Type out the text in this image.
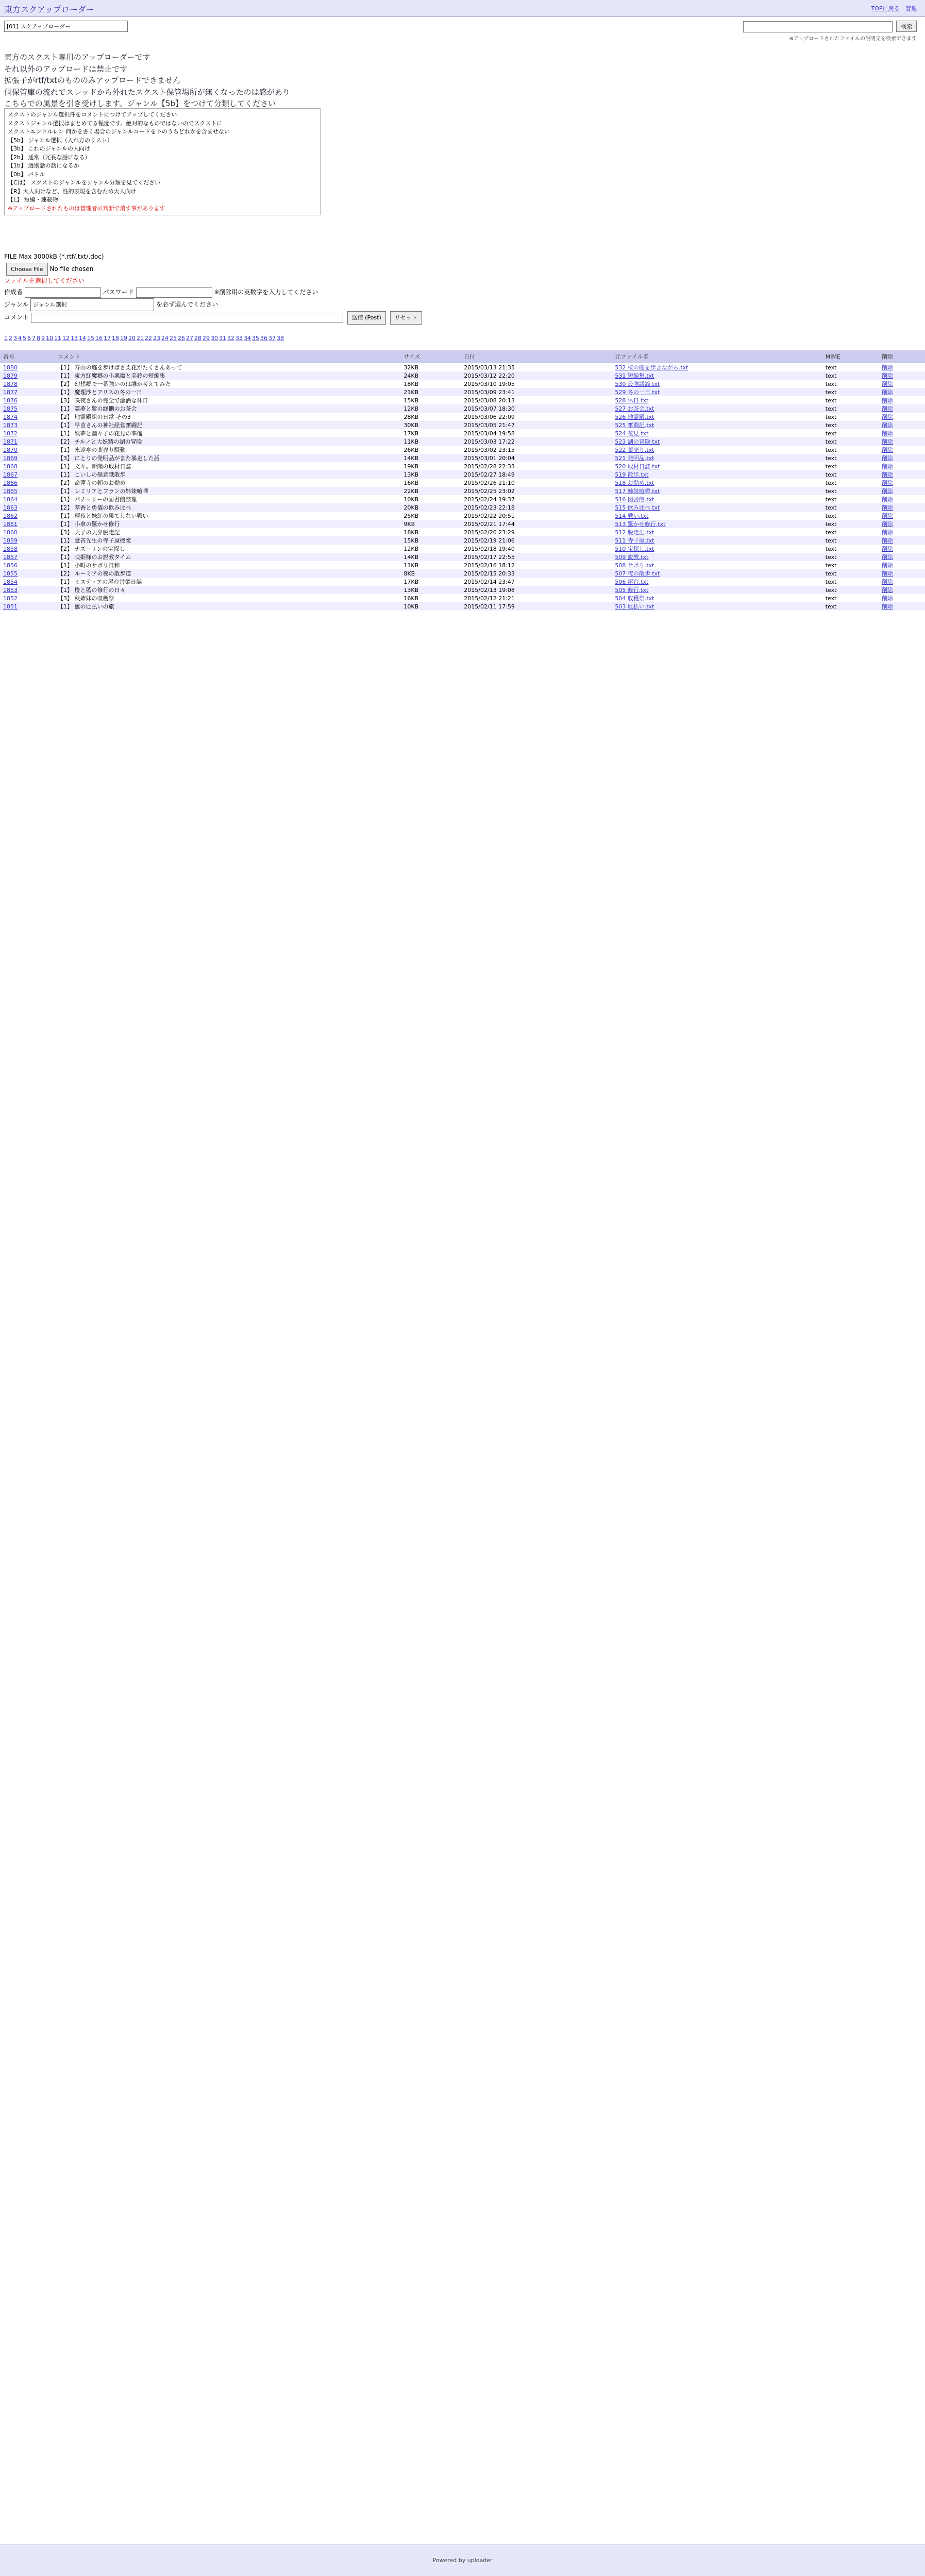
東方スクアップローダー	TOPに戻る 管理
[01] スクアップローダー	検索
※アップロードされたファイルの説明文を検索できます
東方のスクスト専用のアップローダーです
それ以外のアップロードは禁止です
拡張子がrtf/txtのもののみアップロードできません
個保管庫の流れでスレッドから外れたスクスト保管場所が無くなったのは感があり
こちらでの風景を引き受けします。ジャンル【5b】をつけて分類してください
スクストのジャンル選択件をコメントにつけてアップしてください
スクストジャンル選択はまとめてる程度です。絶対的なものではないのでスクストに
スクストエンドルレン 何かを書く場合のジャンルコードを下のうちどれかを含ませない
【5b】 ジャンル選択（入れ方のリスト）
【3b】 これのジャンルの人向け
【2b】 通常（冗長な話になる）
【1b】 週別話の話になるか
【0b】 バトル
【Cは】 スクストのジャンルをジャンル分類を見てください
【R】大人向けなど、性的表現を含むため大人向け
【L】 短編・連載物
※アップロードされたものは管理者の判断で消す事があります
FILE Max 3000kB (*.rtf/.txt/.doc)
Choose File No file chosen
ファイルを選択してください
作成者	パスワード	※削除用の英数字を入力してください
ジャンル ジャンル選択	を必ず選んでください
コメント	送信 (Post) リセット
1 2 3 4 5 6 7 8 9 10 11 12 13 14 15 16 17 18 19 20 21 22 23 24 25 26 27 28 29 30 31 32 33 34 35 36 37 38
番号	コメント	サイズ	日付	元ファイル名	MIME	削除
1880	【1】 寿山の庭を歩けばさえ花がたくさんあって	32KB	2015/03/13 21:35	532 桜の庭を歩きながら.txt	text	削除
1879	【1】 東方紅魔郷の小悪魔と美鈴の短編集	24KB	2015/03/12 22:20	531 短編集.txt	text	削除
1878	【2】 幻想郷で一番強いのは誰か考えてみた	18KB	2015/03/10 19:05	530 最強議論.txt	text	削除
1877	【1】 魔理沙とアリスの冬の一日	21KB	2015/03/09 23:41	529 冬の一日.txt	text	削除
1876	【3】 咲夜さんの完全で瀟洒な休日	15KB	2015/03/08 20:13	528 休日.txt	text	削除
1875	【1】 霊夢と紫の縁側のお茶会	12KB	2015/03/07 18:30	527 お茶会.txt	text	削除
1874	【2】 地霊殿組の日常 その3	28KB	2015/03/06 22:09	526 地霊殿.txt	text	削除
1873	【1】 早苗さんの神社経営奮闘記	30KB	2015/03/05 21:47	525 奮闘記.txt	text	削除
1872	【1】 妖夢と幽々子の花見の準備	17KB	2015/03/04 19:58	524 花見.txt	text	削除
1871	【2】 チルノと大妖精の湖の冒険	11KB	2015/03/03 17:22	523 湖の冒険.txt	text	削除
1870	【1】 永遠亭の薬売り騒動	26KB	2015/03/02 23:15	522 薬売り.txt	text	削除
1869	【3】 にとりの発明品がまた暴走した話	14KB	2015/03/01 20:04	521 発明品.txt	text	削除
1868	【1】 文々。新聞の取材日誌	19KB	2015/02/28 22:33	520 取材日誌.txt	text	削除
1867	【1】 こいしの無意識散歩	13KB	2015/02/27 18:49	519 散歩.txt	text	削除
1866	【2】 命蓮寺の朝のお勤め	16KB	2015/02/26 21:10	518 お勤め.txt	text	削除
1865	【1】 レミリアとフランの姉妹喧嘩	22KB	2015/02/25 23:02	517 姉妹喧嘩.txt	text	削除
1864	【1】 パチュリーの図書館整理	10KB	2015/02/24 19:37	516 図書館.txt	text	削除
1863	【2】 萃香と勇儀の飲み比べ	20KB	2015/02/23 22:18	515 飲み比べ.txt	text	削除
1862	【1】 輝夜と妹紅の果てしない戦い	25KB	2015/02/22 20:51	514 戦い.txt	text	削除
1861	【1】 小傘の驚かせ修行	9KB	2015/02/21 17:44	513 驚かせ修行.txt	text	削除
1860	【3】 天子の天界脱走記	18KB	2015/02/20 23:29	512 脱走記.txt	text	削除
1859	【1】 慧音先生の寺子屋授業	15KB	2015/02/19 21:06	511 寺子屋.txt	text	削除
1858	【2】 ナズーリンの宝探し	12KB	2015/02/18 19:40	510 宝探し.txt	text	削除
1857	【1】 映姫様のお説教タイム	14KB	2015/02/17 22:55	509 説教.txt	text	削除
1856	【1】 小町のサボり日和	11KB	2015/02/16 18:12	508 サボり.txt	text	削除
1855	【2】 ルーミアの夜の散歩道	8KB	2015/02/15 20:33	507 夜の散歩.txt	text	削除
1854	【1】 ミスティアの屋台営業日誌	17KB	2015/02/14 23:47	506 屋台.txt	text	削除
1853	【1】 橙と藍の修行の日々	13KB	2015/02/13 19:08	505 修行.txt	text	削除
1852	【3】 秋姉妹の収穫祭	16KB	2015/02/12 21:21	504 収穫祭.txt	text	削除
1851	【1】 雛の厄払いの旅	10KB	2015/02/11 17:59	503 厄払い.txt	text	削除
Powered by uploader
